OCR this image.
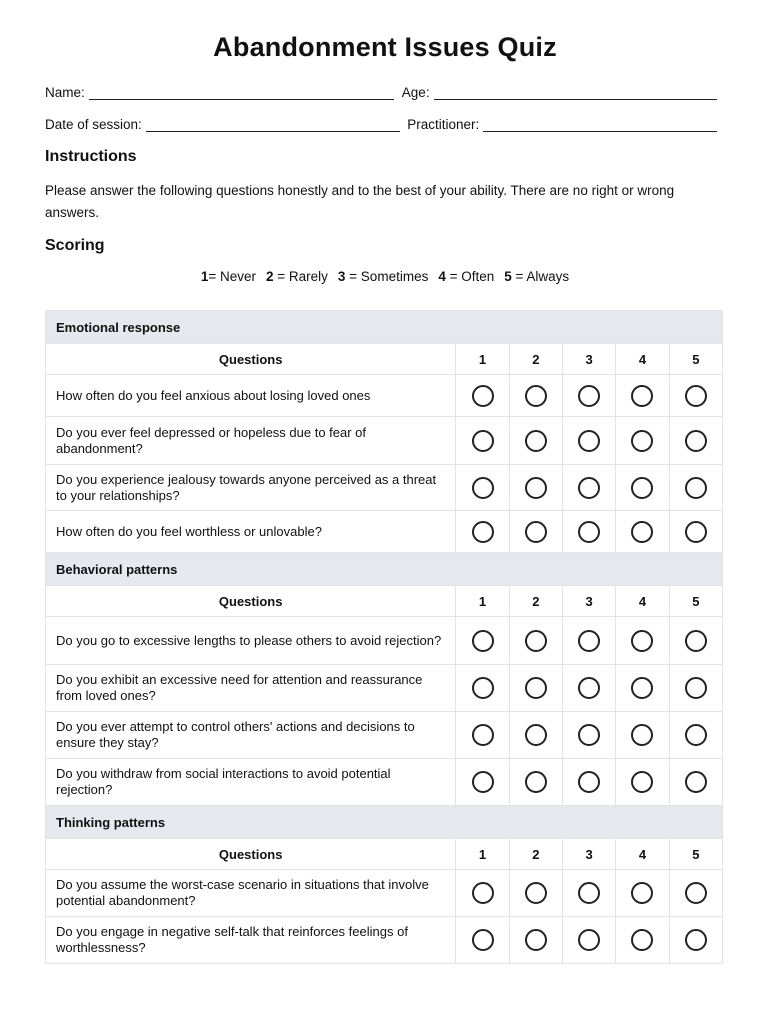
Abandonment Issues Quiz
Name:	Age:
Date of session:	Practitioner:
Instructions
Please answer the following questions honestly and to the best of your ability. There are no right or wrong answers.
Scoring
1= Never 2 = Rarely 3 = Sometimes 4 = Often 5 = Always
Emotional response					
Questions	1	2	3	4	5
How often do you feel anxious about losing loved ones					
Do you ever feel depressed or hopeless due to fear of abandonment?					
Do you experience jealousy towards anyone perceived as a threat to your relationships?					
How often do you feel worthless or unlovable?					
Behavioral patterns					
Questions	1	2	3	4	5
Do you go to excessive lengths to please others to avoid rejection?					
Do you exhibit an excessive need for attention and reassurance from loved ones?					
Do you ever attempt to control others' actions and decisions to ensure they stay?					
Do you withdraw from social interactions to avoid potential rejection?					
Thinking patterns					
Questions	1	2	3	4	5
Do you assume the worst-case scenario in situations that involve potential abandonment?					
Do you engage in negative self-talk that reinforces feelings of worthlessness?					
